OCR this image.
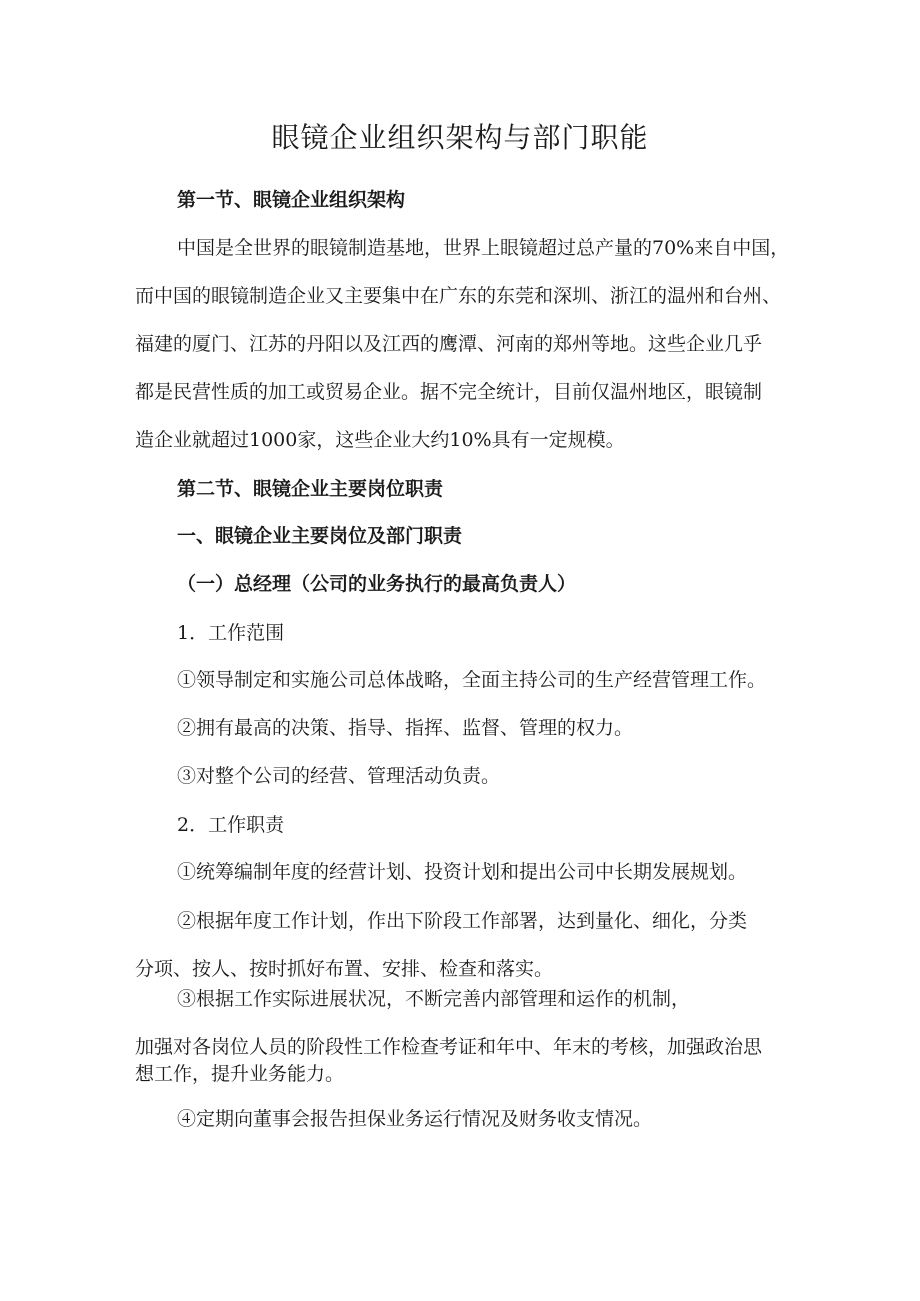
眼镜企业组织架构与部门职能

第一节、眼镜企业组织架构

中国是全世界的眼镜制造基地，世界上眼镜超过总产量的70%来自中国，
而中国的眼镜制造企业又主要集中在广东的东莞和深圳、浙江的温州和台州、
福建的厦门、江苏的丹阳以及江西的鹰潭、河南的郑州等地。这些企业几乎
都是民营性质的加工或贸易企业。据不完全统计，目前仅温州地区，眼镜制
造企业就超过1000家，这些企业大约10%具有一定规模。

第二节、眼镜企业主要岗位职责

一、眼镜企业主要岗位及部门职责

（一）总经理（公司的业务执行的最高负责人）

1．工作范围

①领导制定和实施公司总体战略，全面主持公司的生产经营管理工作。

②拥有最高的决策、指导、指挥、监督、管理的权力。

③对整个公司的经营、管理活动负责。

2．工作职责

①统筹编制年度的经营计划、投资计划和提出公司中长期发展规划。

②根据年度工作计划，作出下阶段工作部署，达到量化、细化，分类

分项、按人、按时抓好布置、安排、检查和落实。

③根据工作实际进展状况，不断完善内部管理和运作的机制，

加强对各岗位人员的阶段性工作检查考证和年中、年末的考核，加强政治思

想工作，提升业务能力。

④定期向董事会报告担保业务运行情况及财务收支情况。
